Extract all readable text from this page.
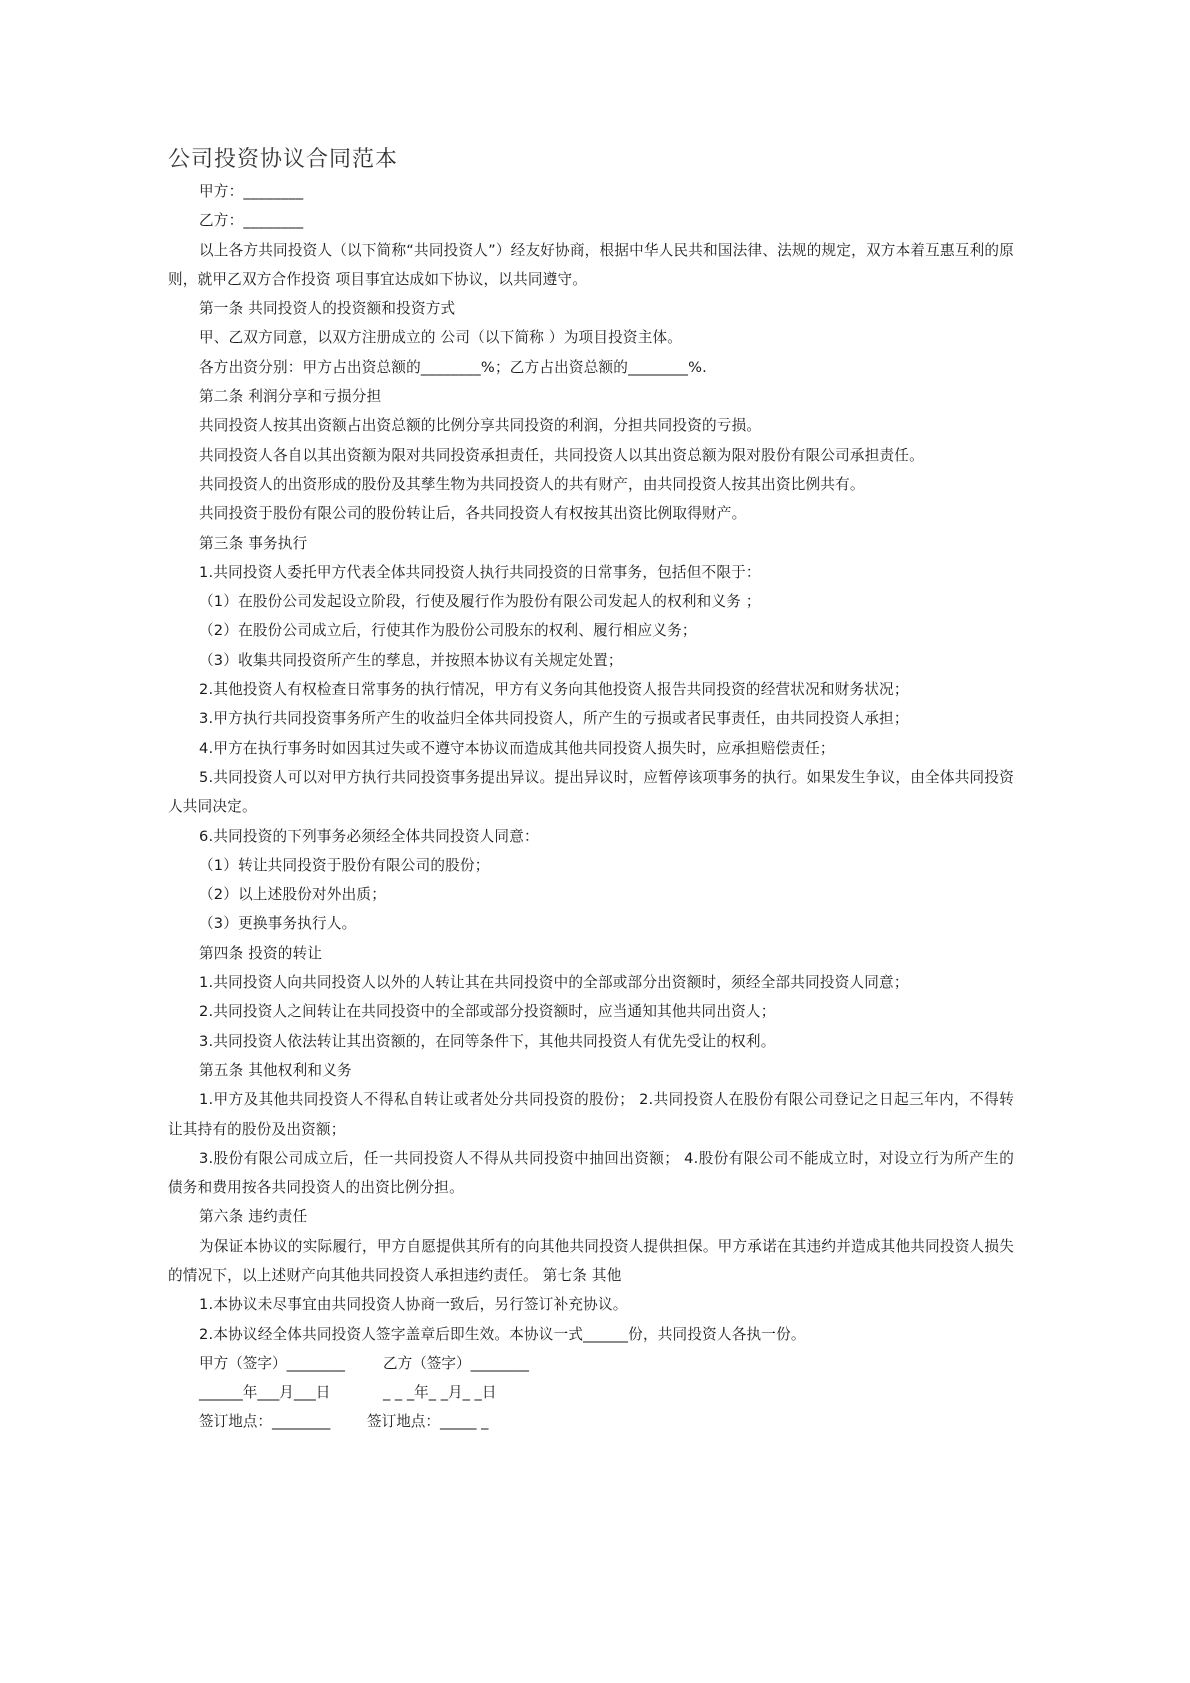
公司投资协议合同范本

甲方：________

乙方：________

以上各方共同投资人（以下简称“共同投资人”）经友好协商，根据中华人民共和国法律、法规的规定，双方本着互惠互利的原则，就甲乙双方合作投资 项目事宜达成如下协议，以共同遵守。

第一条 共同投资人的投资额和投资方式

甲、乙双方同意，以双方注册成立的 公司（以下简称 ）为项目投资主体。

各方出资分别：甲方占出资总额的________%；乙方占出资总额的________%.

第二条 利润分享和亏损分担

共同投资人按其出资额占出资总额的比例分享共同投资的利润，分担共同投资的亏损。

共同投资人各自以其出资额为限对共同投资承担责任，共同投资人以其出资总额为限对股份有限公司承担责任。

共同投资人的出资形成的股份及其孳生物为共同投资人的共有财产，由共同投资人按其出资比例共有。

共同投资于股份有限公司的股份转让后，各共同投资人有权按其出资比例取得财产。

第三条 事务执行

1.共同投资人委托甲方代表全体共同投资人执行共同投资的日常事务，包括但不限于：

（1）在股份公司发起设立阶段，行使及履行作为股份有限公司发起人的权利和义务 ；

（2）在股份公司成立后，行使其作为股份公司股东的权利、履行相应义务；

（3）收集共同投资所产生的孳息，并按照本协议有关规定处置；

2.其他投资人有权检查日常事务的执行情况，甲方有义务向其他投资人报告共同投资的经营状况和财务状况；

3.甲方执行共同投资事务所产生的收益归全体共同投资人，所产生的亏损或者民事责任，由共同投资人承担；

4.甲方在执行事务时如因其过失或不遵守本协议而造成其他共同投资人损失时，应承担赔偿责任；

5.共同投资人可以对甲方执行共同投资事务提出异议。提出异议时，应暂停该项事务的执行。如果发生争议，由全体共同投资人共同决定。

6.共同投资的下列事务必须经全体共同投资人同意：

（1）转让共同投资于股份有限公司的股份；

（2）以上述股份对外出质；

（3）更换事务执行人。

第四条 投资的转让

1.共同投资人向共同投资人以外的人转让其在共同投资中的全部或部分出资额时，须经全部共同投资人同意；

2.共同投资人之间转让在共同投资中的全部或部分投资额时，应当通知其他共同出资人；

3.共同投资人依法转让其出资额的，在同等条件下，其他共同投资人有优先受让的权利。

第五条 其他权利和义务

1.甲方及其他共同投资人不得私自转让或者处分共同投资的股份； 2.共同投资人在股份有限公司登记之日起三年内，不得转让其持有的股份及出资额；

3.股份有限公司成立后，任一共同投资人不得从共同投资中抽回出资额； 4.股份有限公司不能成立时，对设立行为所产生的债务和费用按各共同投资人的出资比例分担。

第六条 违约责任

为保证本协议的实际履行，甲方自愿提供其所有的向其他共同投资人提供担保。甲方承诺在其违约并造成其他共同投资人损失的情况下，以上述财产向其他共同投资人承担违约责任。 第七条 其他

1.本协议未尽事宜由共同投资人协商一致后，另行签订补充协议。

2.本协议经全体共同投资人签字盖章后即生效。本协议一式______份，共同投资人各执一份。

甲方（签字）________	乙方（签字）________
______年___月___日	_ _ _年_ _月_ _日
签订地点：________	签订地点：_____ _
